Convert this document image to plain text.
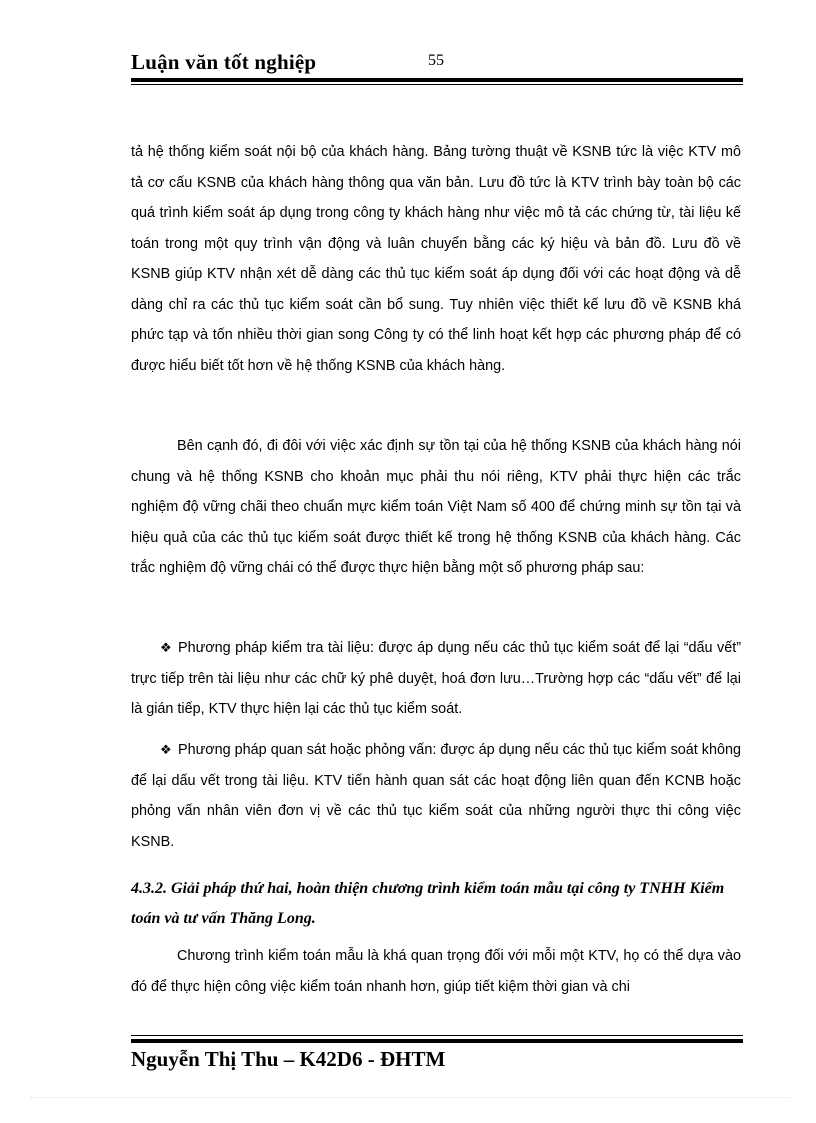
Luận văn tốt nghiệp	55

tả hệ thống kiểm soát nội bộ của khách hàng. Bảng tường thuật về KSNB tức là việc KTV mô tả cơ cấu KSNB của khách hàng thông qua văn bản. Lưu đồ tức là KTV trình bày toàn bộ các quá trình kiểm soát áp dụng trong công ty khách hàng như việc mô tả các chứng từ, tài liệu kế toán trong một quy trình vận động và luân chuyển bằng các ký hiệu và bản đồ. Lưu đồ về KSNB giúp KTV nhận xét dễ dàng các thủ tục kiểm soát áp dụng đối với các hoạt động và dễ dàng chỉ ra các thủ tục kiểm soát cần bổ sung. Tuy nhiên việc thiết kế lưu đồ về KSNB khá phức tạp và tốn nhiều thời gian song Công ty có thể linh hoạt kết hợp các phương pháp để có được hiểu biết tốt hơn về hệ thống KSNB của khách hàng.

Bên cạnh đó, đi đôi với việc xác định sự tồn tại của hệ thống KSNB của khách hàng nói chung và hệ thống KSNB cho khoản mục phải thu nói riêng, KTV phải thực hiện các trắc nghiệm độ vững chãi theo chuẩn mực kiểm toán Việt Nam số 400 để chứng minh sự tồn tại và hiệu quả của các thủ tục kiểm soát được thiết kế trong hệ thống KSNB của khách hàng. Các trắc nghiệm độ vững chái có thể được thực hiện bằng một số phương pháp sau:

❖ Phương pháp kiểm tra tài liệu: được áp dụng nếu các thủ tục kiểm soát để lại “dấu vết” trực tiếp trên tài liệu như các chữ ký phê duyệt, hoá đơn lưu…Trường hợp các “dấu vết” để lại là gián tiếp, KTV thực hiện lại các thủ tục kiểm soát.

❖ Phương pháp quan sát hoặc phỏng vấn: được áp dụng nếu các thủ tục kiểm soát không để lại dấu vết trong tài liệu. KTV tiến hành quan sát các hoạt động liên quan đến KCNB hoặc phỏng vấn nhân viên đơn vị về các thủ tục kiểm soát của những người thực thi công việc KSNB.

4.3.2. Giải pháp thứ hai, hoàn thiện chương trình kiểm toán mẫu tại công ty TNHH Kiểm toán và tư vấn Thăng Long.

Chương trình kiểm toán mẫu là khá quan trọng đối với mỗi một KTV, họ có thể dựa vào đó để thực hiện công việc kiểm toán nhanh hơn, giúp tiết kiệm thời gian và chi

Nguyễn Thị Thu – K42D6 - ĐHTM
